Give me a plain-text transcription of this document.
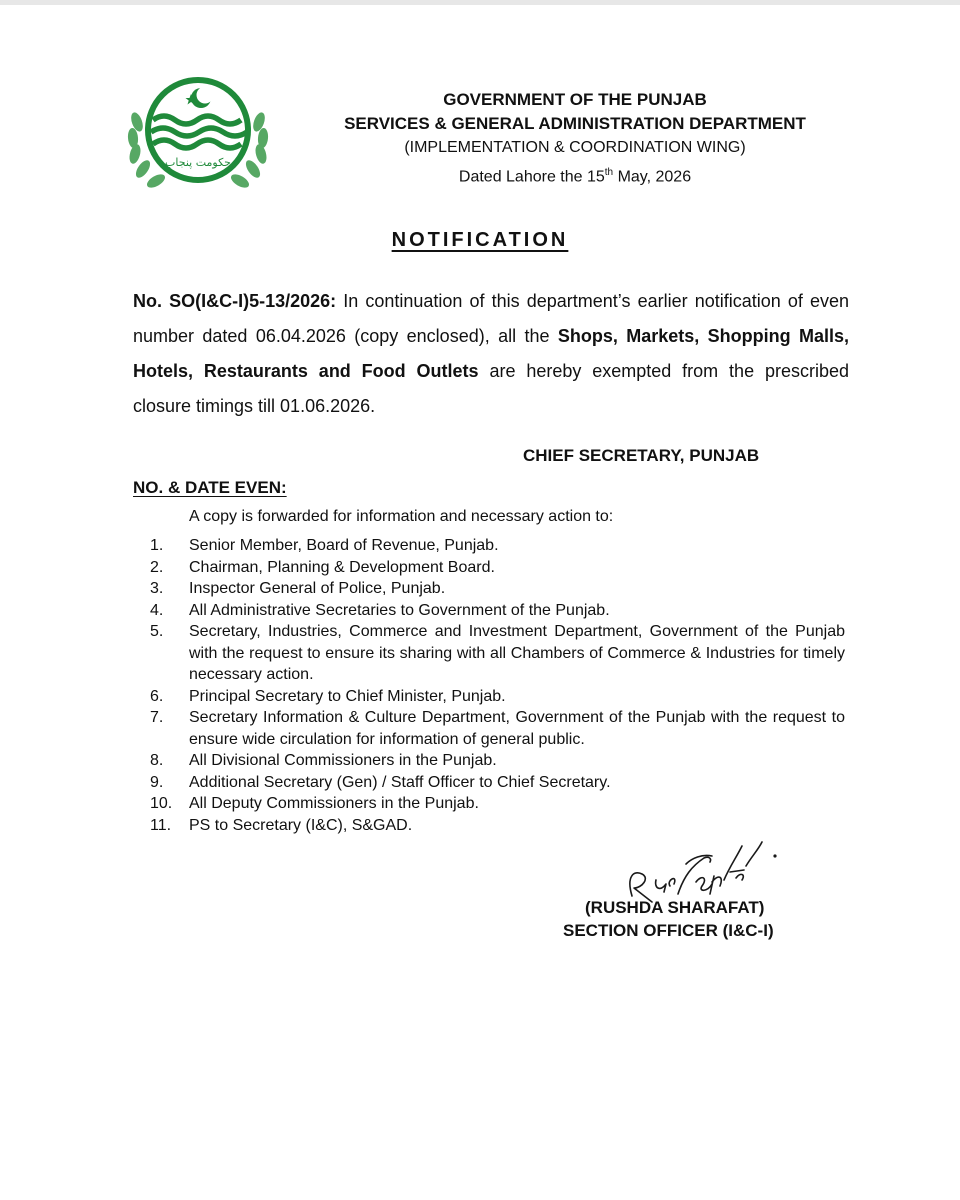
حکومت پنجاب
GOVERNMENT OF THE PUNJAB
SERVICES & GENERAL ADMINISTRATION DEPARTMENT
(IMPLEMENTATION & COORDINATION WING)
Dated Lahore the 15th May, 2026
NOTIFICATION
No. SO(I&C-I)5-13/2026: In continuation of this department’s earlier notification of even number dated 06.04.2026 (copy enclosed), all the Shops, Markets, Shopping Malls, Hotels, Restaurants and Food Outlets are hereby exempted from the prescribed closure timings till 01.06.2026.
CHIEF SECRETARY, PUNJAB
NO. & DATE EVEN:
A copy is forwarded for information and necessary action to:
1.	Senior Member, Board of Revenue, Punjab.
2.	Chairman, Planning & Development Board.
3.	Inspector General of Police, Punjab.
4.	All Administrative Secretaries to Government of the Punjab.
5.	Secretary, Industries, Commerce and Investment Department, Government of the Punjab with the request to ensure its sharing with all Chambers of Commerce & Industries for timely necessary action.
6.	Principal Secretary to Chief Minister, Punjab.
7.	Secretary Information & Culture Department, Government of the Punjab with the request to ensure wide circulation for information of general public.
8.	All Divisional Commissioners in the Punjab.
9.	Additional Secretary (Gen) / Staff Officer to Chief Secretary.
10.	All Deputy Commissioners in the Punjab.
11.	PS to Secretary (I&C), S&GAD.
(RUSHDA SHARAFAT)
SECTION OFFICER (I&C-I)
